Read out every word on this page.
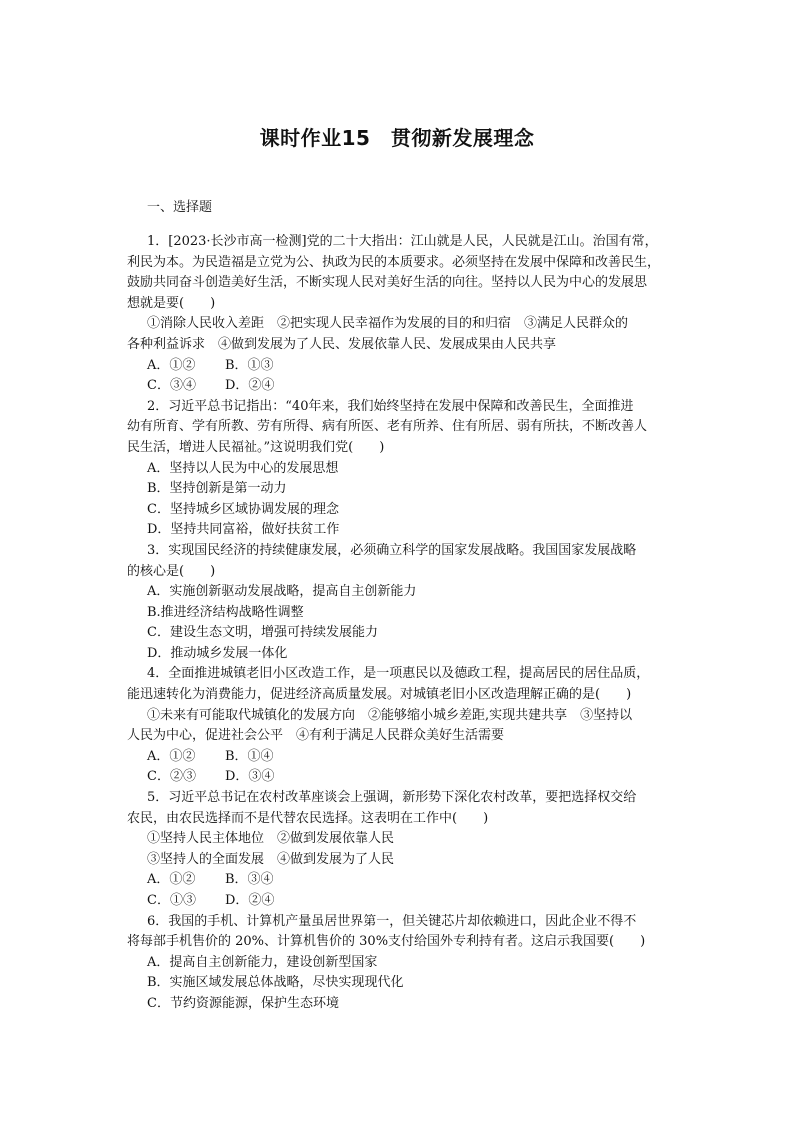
课时作业15　贯彻新发展理念
一、选择题
1．[2023·长沙市高一检测]党的二十大指出：江山就是人民，人民就是江山。治国有常，
利民为本。为民造福是立党为公、执政为民的本质要求。必须坚持在发展中保障和改善民生，
鼓励共同奋斗创造美好生活，不断实现人民对美好生活的向往。坚持以人民为中心的发展思
想就是要(　　)
①消除人民收入差距　②把实现人民幸福作为发展的目的和归宿　③满足人民群众的
各种利益诉求　④做到发展为了人民、发展依靠人民、发展成果由人民共享
A．①② B．①③
C．③④ D．②④
2．习近平总书记指出：“40年来，我们始终坚持在发展中保障和改善民生，全面推进
幼有所育、学有所教、劳有所得、病有所医、老有所养、住有所居、弱有所扶，不断改善人
民生活，增进人民福祉。”这说明我们党(　　)
A．坚持以人民为中心的发展思想
B．坚持创新是第一动力
C．坚持城乡区域协调发展的理念
D．坚持共同富裕，做好扶贫工作
3．实现国民经济的持续健康发展，必须确立科学的国家发展战略。我国国家发展战略
的核心是(　　)
A．实施创新驱动发展战略，提高自主创新能力
B.推进经济结构战略性调整
C．建设生态文明，增强可持续发展能力
D．推动城乡发展一体化
4．全面推进城镇老旧小区改造工作，是一项惠民以及德政工程，提高居民的居住品质，
能迅速转化为消费能力，促进经济高质量发展。对城镇老旧小区改造理解正确的是(　　)
①未来有可能取代城镇化的发展方向　②能够缩小城乡差距,实现共建共享　③坚持以
人民为中心，促进社会公平　④有利于满足人民群众美好生活需要
A．①② B．①④
C．②③ D．③④
5．习近平总书记在农村改革座谈会上强调，新形势下深化农村改革，要把选择权交给
农民，由农民选择而不是代替农民选择。这表明在工作中(　　)
①坚持人民主体地位　②做到发展依靠人民
③坚持人的全面发展　④做到发展为了人民
A．①② B．③④
C．①③ D．②④
6．我国的手机、计算机产量虽居世界第一，但关键芯片却依赖进口，因此企业不得不
将每部手机售价的 20%、计算机售价的 30%支付给国外专利持有者。这启示我国要(　　)
A．提高自主创新能力，建设创新型国家
B．实施区域发展总体战略，尽快实现现代化
C．节约资源能源，保护生态环境
